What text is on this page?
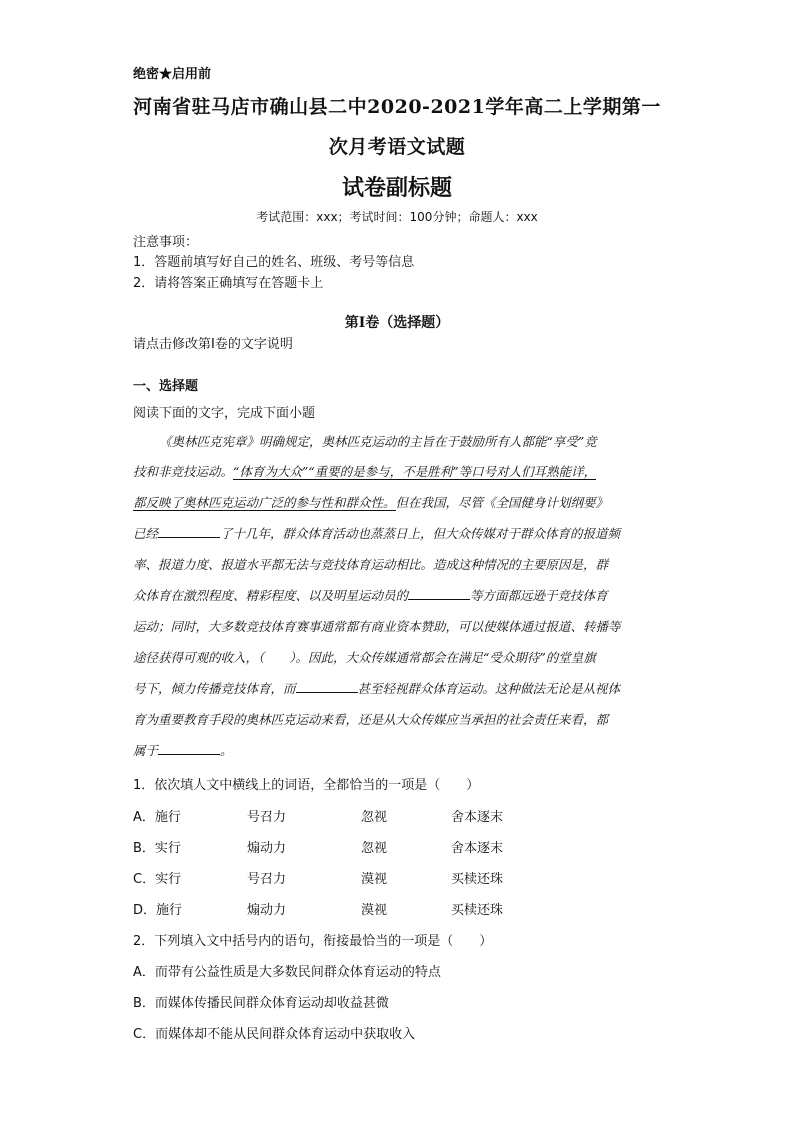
绝密★启用前
河南省驻马店市确山县二中2020-2021学年高二上学期第一
次月考语文试题
试卷副标题
考试范围：xxx；考试时间：100分钟；命题人：xxx
注意事项：
1．答题前填写好自己的姓名、班级、考号等信息
2．请将答案正确填写在答题卡上
第I卷（选择题）
请点击修改第I卷的文字说明
一、选择题
阅读下面的文字，完成下面小题
《奥林匹克宪章》明确规定，奥林匹克运动的主旨在于鼓励所有人都能“享受”竞
技和非竞技运动。“体育为大众”“重要的是参与，不是胜利”等口号对人们耳熟能详，
都反映了奥林匹克运动广泛的参与性和群众性。但在我国，尽管《全国健身计划纲要》
已经	了十几年，群众体育活动也蒸蒸日上，但大众传媒对于群众体育的报道频
率、报道力度、报道水平都无法与竞技体育运动相比。造成这种情况的主要原因是，群
众体育在激烈程度、精彩程度、以及明星运动员的	等方面都远逊于竞技体育
运动；同时，大多数竞技体育赛事通常都有商业资本赞助，可以使媒体通过报道、转播等
途径获得可观的收入，（　　）。因此，大众传媒通常都会在满足“受众期待”的堂皇旗
号下，倾力传播竞技体育，而	甚至轻视群众体育运动。这种做法无论是从视体
育为重要教育手段的奥林匹克运动来看，还是从大众传媒应当承担的社会责任来看，都
属于	。
1．依次填人文中横线上的词语，全都恰当的一项是（　　）
A．施行	号召力	忽视	舍本逐末
B．实行	煽动力	忽视	舍本逐末
C．实行	号召力	漠视	买椟还珠
D．施行	煽动力	漠视	买椟还珠
2．下列填入文中括号内的语句，衔接最恰当的一项是（　　）
A．而带有公益性质是大多数民间群众体育运动的特点
B．而媒体传播民间群众体育运动却收益甚微
C．而媒体却不能从民间群众体育运动中获取收入
